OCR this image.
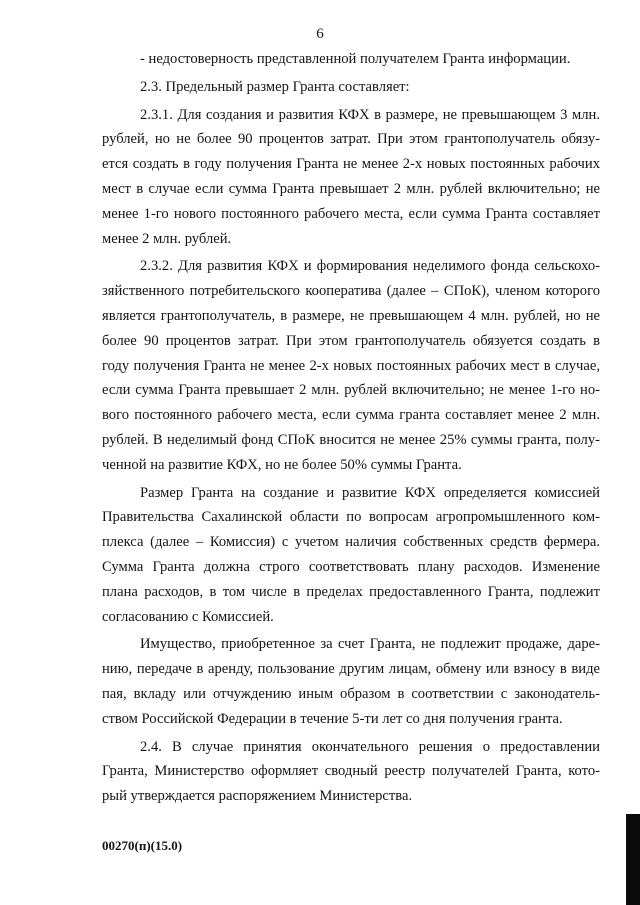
6
- недостоверность представленной получателем Гранта информации.
2.3. Предельный размер Гранта составляет:
2.3.1. Для создания и развития КФХ в размере, не превышающем 3 млн.
рублей, но не более 90 процентов затрат. При этом грантополучатель обязу-
ется создать в году получения Гранта не менее 2-х новых постоянных рабочих
мест в случае если сумма Гранта превышает 2 млн. рублей включительно; не
менее 1-го нового постоянного рабочего места, если сумма Гранта составляет
менее 2 млн. рублей.
2.3.2. Для развития КФХ и формирования неделимого фонда сельскохо-
зяйственного потребительского кооператива (далее – СПоК), членом которого
является грантополучатель, в размере, не превышающем 4 млн. рублей, но не
более 90 процентов затрат. При этом грантополучатель обязуется создать в
году получения Гранта не менее 2-х новых постоянных рабочих мест в случае,
если сумма Гранта превышает 2 млн. рублей включительно; не менее 1-го но-
вого постоянного рабочего места, если сумма гранта составляет менее 2 млн.
рублей. В неделимый фонд СПоК вносится не менее 25% суммы гранта, полу-
ченной на развитие КФХ, но не более 50% суммы Гранта.
Размер Гранта на создание и развитие КФХ определяется комиссией
Правительства Сахалинской области по вопросам агропромышленного ком-
плекса (далее – Комиссия) с учетом наличия собственных средств фермера.
Сумма Гранта должна строго соответствовать плану расходов. Изменение
плана расходов, в том числе в пределах предоставленного Гранта, подлежит
согласованию с Комиссией.
Имущество, приобретенное за счет Гранта, не подлежит продаже, даре-
нию, передаче в аренду, пользование другим лицам, обмену или взносу в виде
пая, вкладу или отчуждению иным образом в соответствии с законодатель-
ством Российской Федерации в течение 5-ти лет со дня получения гранта.
2.4. В случае принятия окончательного решения о предоставлении
Гранта, Министерство оформляет сводный реестр получателей Гранта, кото-
рый утверждается распоряжением Министерства.
00270(п)(15.0)
